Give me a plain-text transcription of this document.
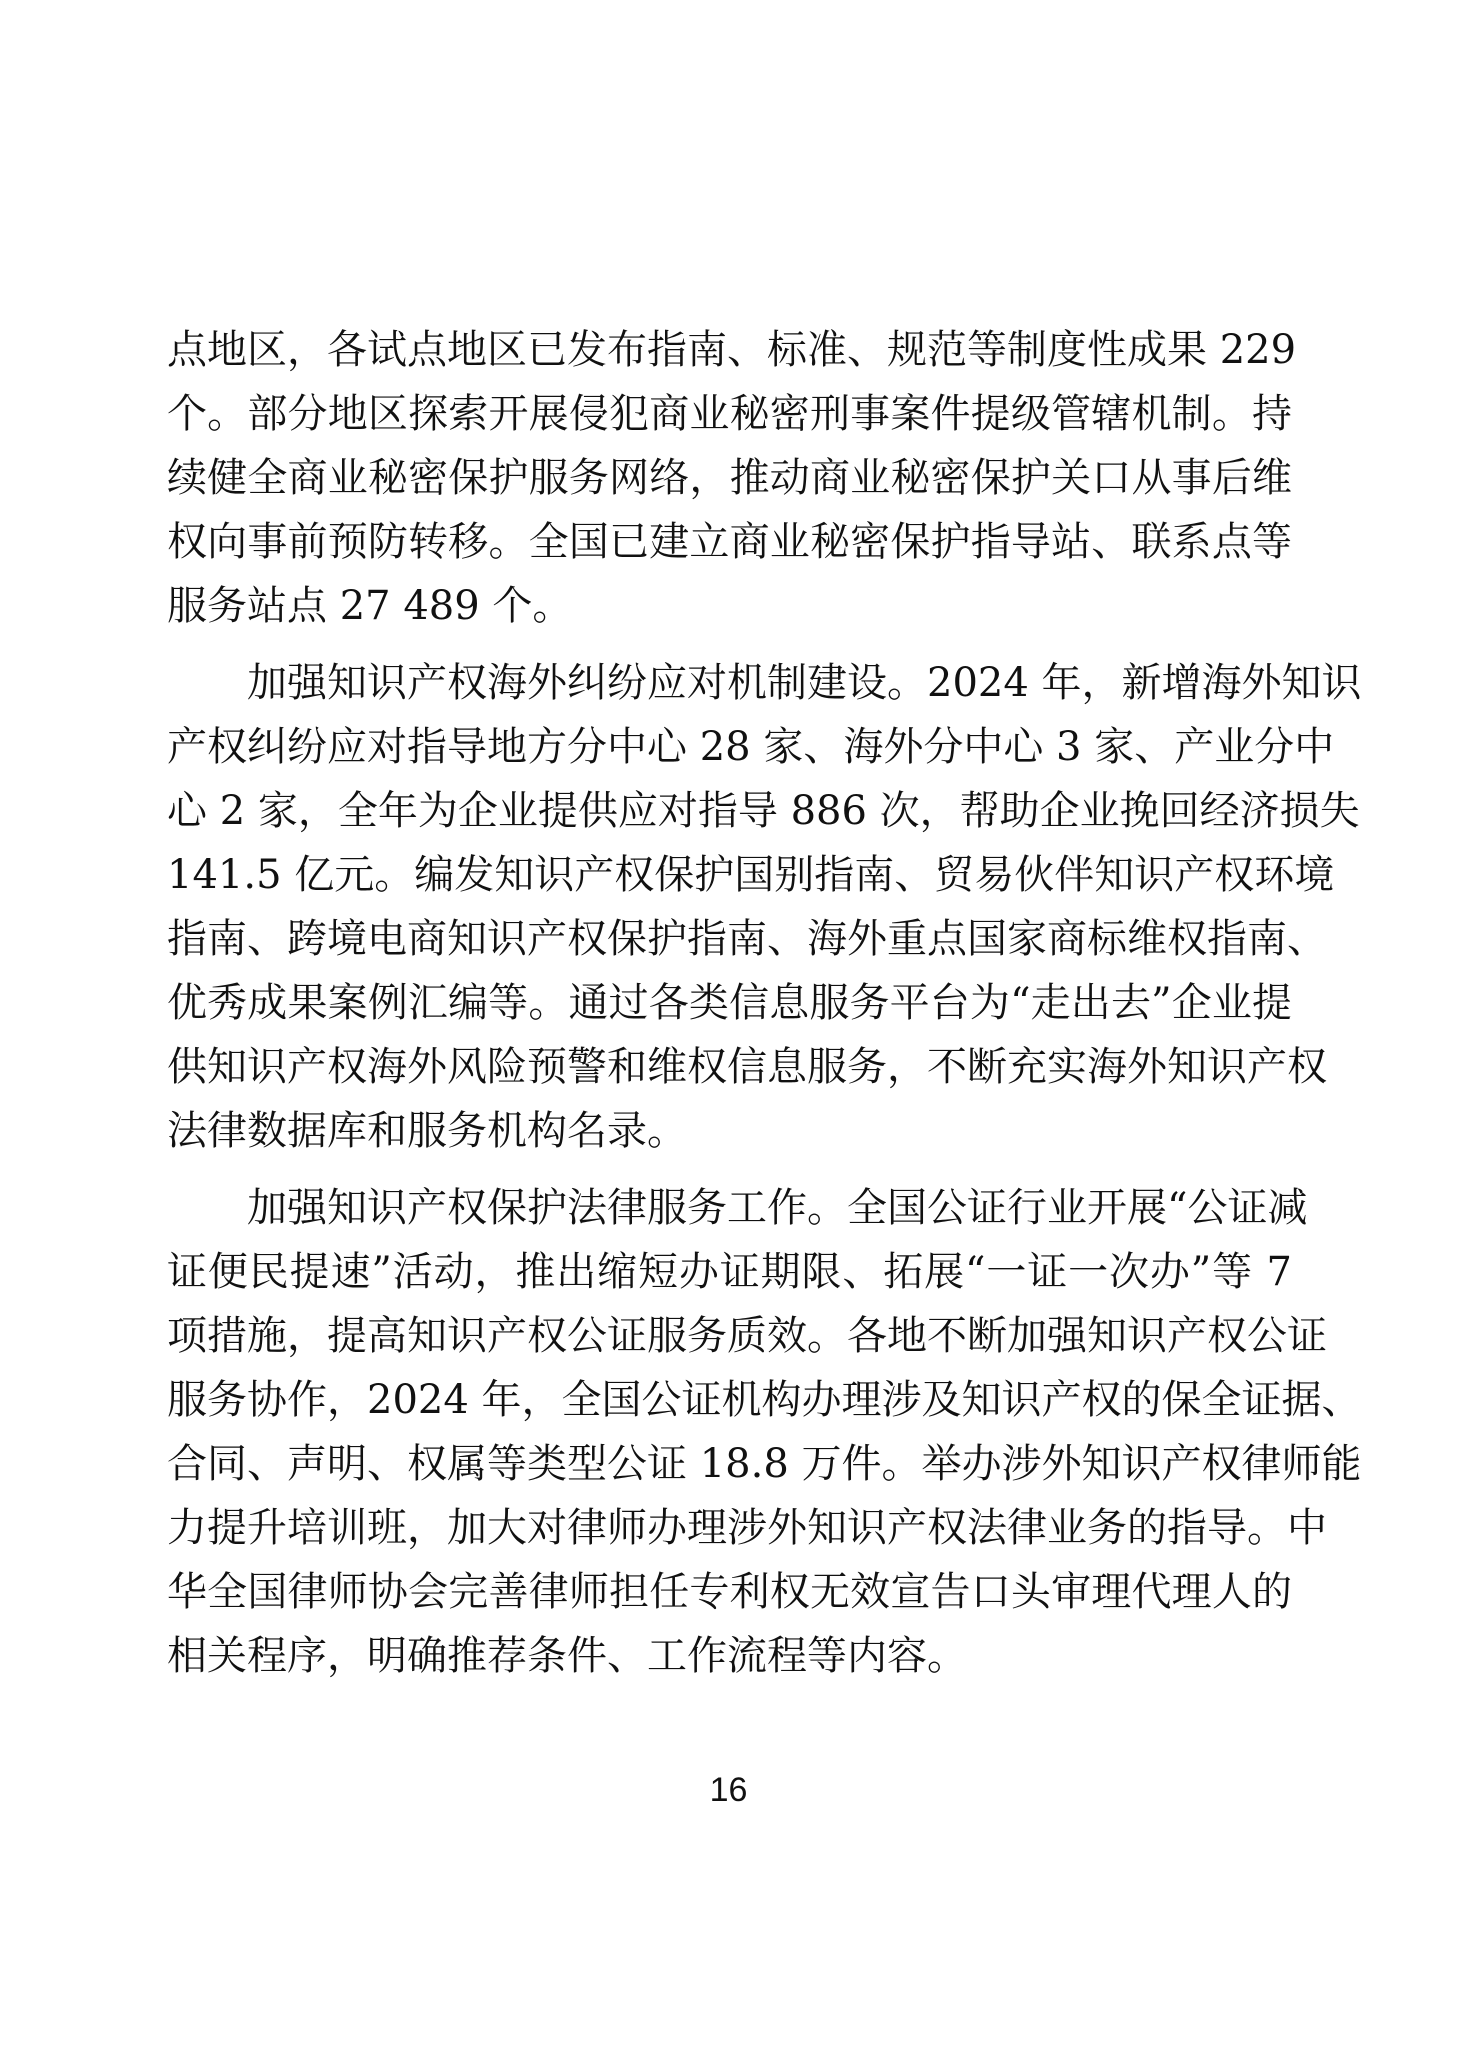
点地区，各试点地区已发布指南、标准、规范等制度性成果 229
个。部分地区探索开展侵犯商业秘密刑事案件提级管辖机制。持
续健全商业秘密保护服务网络，推动商业秘密保护关口从事后维
权向事前预防转移。全国已建立商业秘密保护指导站、联系点等
服务站点 27 489 个。
加强知识产权海外纠纷应对机制建设。2024 年，新增海外知识
产权纠纷应对指导地方分中心 28 家、海外分中心 3 家、产业分中
心 2 家，全年为企业提供应对指导 886 次，帮助企业挽回经济损失
141.5 亿元。编发知识产权保护国别指南、贸易伙伴知识产权环境
指南、跨境电商知识产权保护指南、海外重点国家商标维权指南、
优秀成果案例汇编等。通过各类信息服务平台为“走出去”企业提
供知识产权海外风险预警和维权信息服务，不断充实海外知识产权
法律数据库和服务机构名录。
加强知识产权保护法律服务工作。全国公证行业开展“公证减
证便民提速”活动，推出缩短办证期限、拓展“一证一次办”等 7
项措施，提高知识产权公证服务质效。各地不断加强知识产权公证
服务协作，2024 年，全国公证机构办理涉及知识产权的保全证据、
合同、声明、权属等类型公证 18.8 万件。举办涉外知识产权律师能
力提升培训班，加大对律师办理涉外知识产权法律业务的指导。中
华全国律师协会完善律师担任专利权无效宣告口头审理代理人的
相关程序，明确推荐条件、工作流程等内容。
16
